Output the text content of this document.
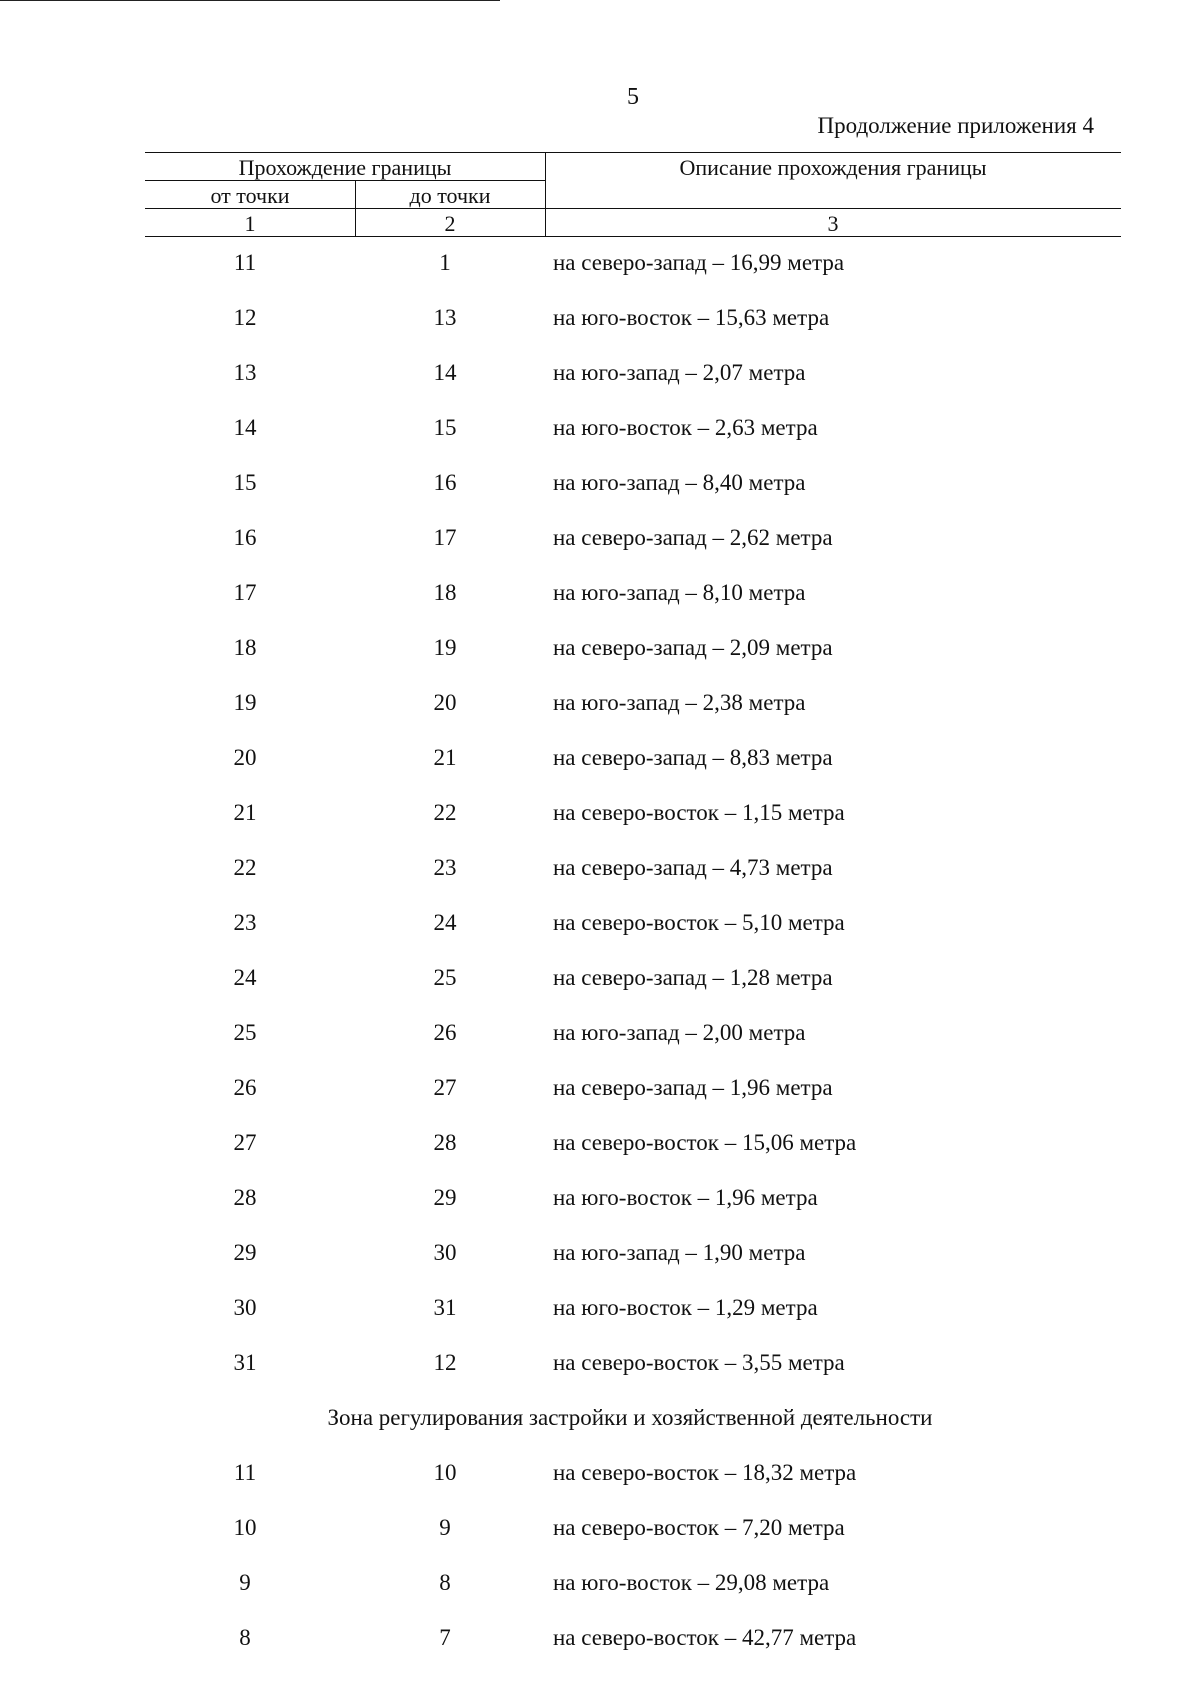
5
Продолжение приложения 4
Прохождение границы
от точки	до точки
Описание прохождения границы
1	2	3
11	1	на северо-запад – 16,99 метра
12	13	на юго-восток – 15,63 метра
13	14	на юго-запад – 2,07 метра
14	15	на юго-восток – 2,63 метра
15	16	на юго-запад – 8,40 метра
16	17	на северо-запад – 2,62 метра
17	18	на юго-запад – 8,10 метра
18	19	на северо-запад – 2,09 метра
19	20	на юго-запад – 2,38 метра
20	21	на северо-запад – 8,83 метра
21	22	на северо-восток – 1,15 метра
22	23	на северо-запад – 4,73 метра
23	24	на северо-восток – 5,10 метра
24	25	на северо-запад – 1,28 метра
25	26	на юго-запад – 2,00 метра
26	27	на северо-запад – 1,96 метра
27	28	на северо-восток – 15,06 метра
28	29	на юго-восток – 1,96 метра
29	30	на юго-запад – 1,90 метра
30	31	на юго-восток – 1,29 метра
31	12	на северо-восток – 3,55 метра
Зона регулирования застройки и хозяйственной деятельности
11	10	на северо-восток – 18,32 метра
10	9	на северо-восток – 7,20 метра
9	8	на юго-восток – 29,08 метра
8	7	на северо-восток – 42,77 метра
